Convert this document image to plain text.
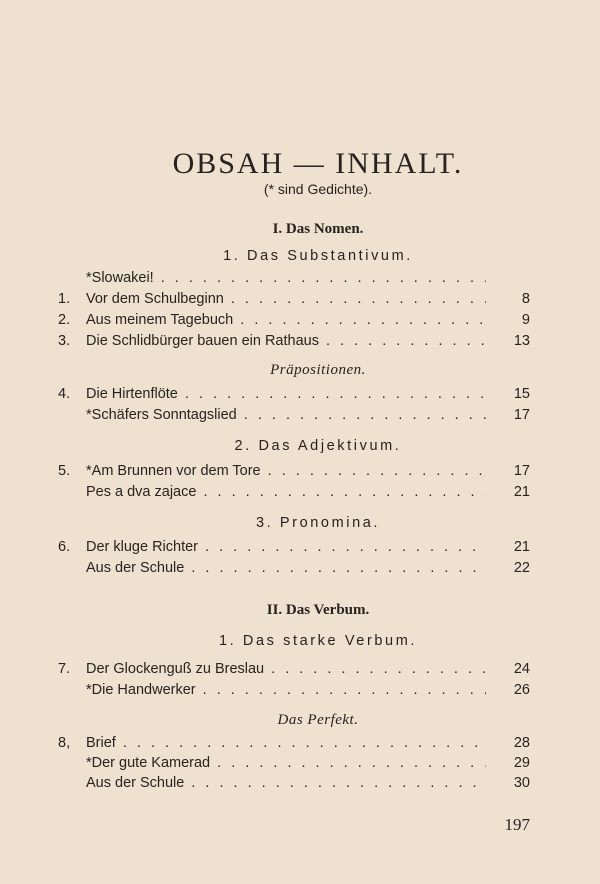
OBSAH — INHALT.
(* sind Gedichte).
I. Das Nomen.
1. Das Substantivum.
*Slowakei! . . .
1.	Vor dem Schulbeginn . . .	8
2.	Aus meinem Tagebuch . . .	9
3.	Die Schlidbürger bauen ein Rathaus . . .	13
Präpositionen.
4.	Die Hirtenflöte . . .	15
*Schäfers Sonntagslied . . .	17
2. Das Adjektivum.
5.	*Am Brunnen vor dem Tore . . .	17
Pes a dva zajace . . .	21
3. Pronomina.
6.	Der kluge Richter . . .	21
Aus der Schule . . .	22
II. Das Verbum.
1. Das starke Verbum.
7.	Der Glockenguß zu Breslau . . .	24
*Die Handwerker . . .	26
Das Perfekt.
8,	Brief . . .	28
*Der gute Kamerad . . .	29
Aus der Schule . . .	30
197
